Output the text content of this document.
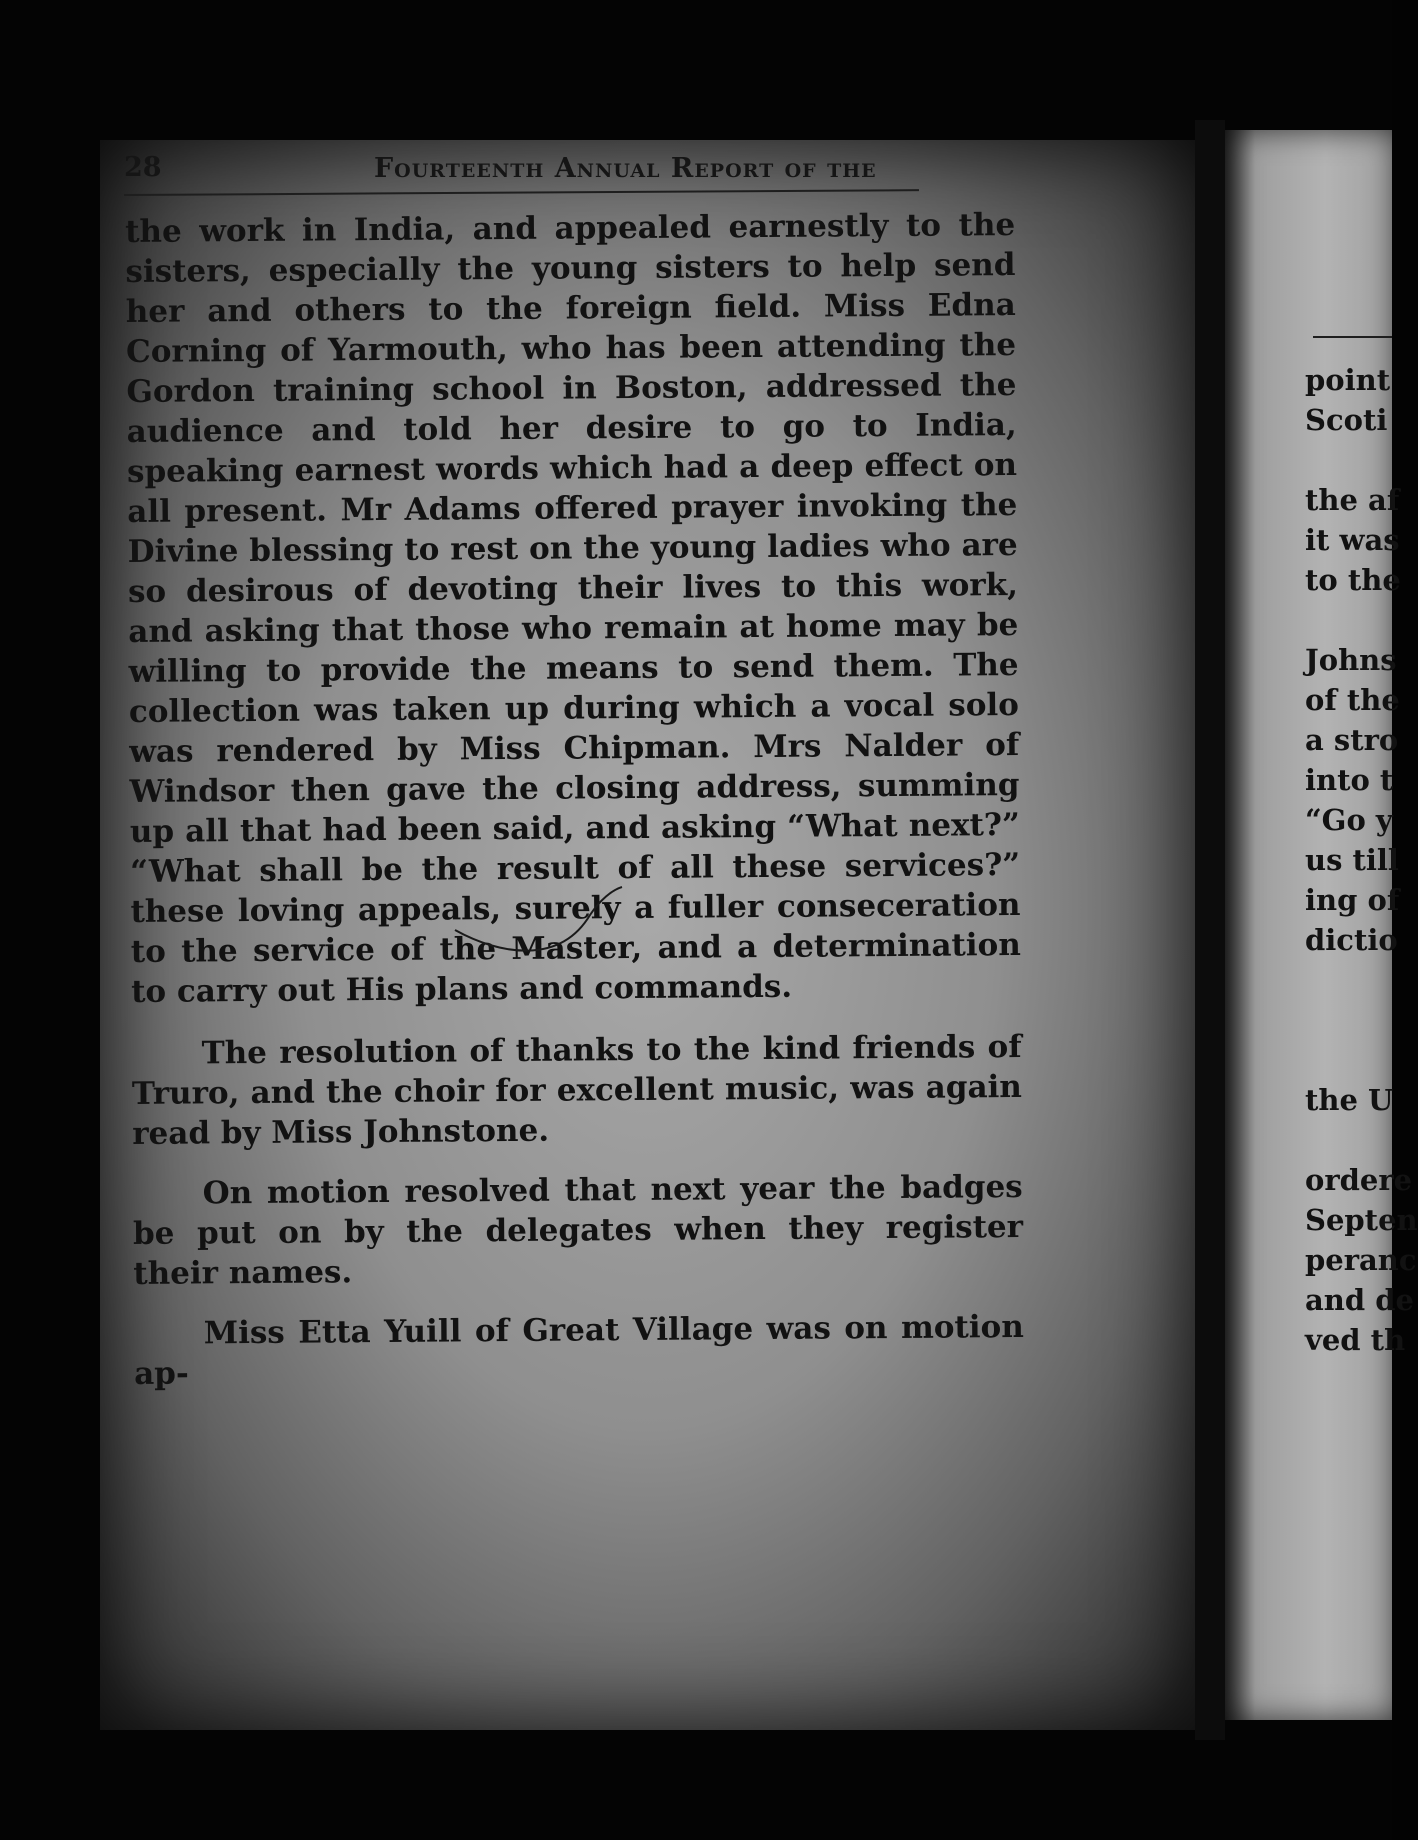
28	Fourteenth Annual Report of the

the work in India, and appealed earnestly to the sisters, especially the young sisters to help send her and others to the foreign field. Miss Edna Corning of Yarmouth, who has been attending the Gordon training school in Boston, addressed the audience and told her desire to go to India, speaking earnest words which had a deep effect on all present. Mr Adams offered prayer invoking the Divine blessing to rest on the young ladies who are so desirous of devoting their lives to this work, and asking that those who remain at home may be willing to provide the means to send them. The collection was taken up during which a vocal solo was rendered by Miss Chipman. Mrs Nalder of Windsor then gave the closing address, summing up all that had been said, and asking “What next?” “What shall be the result of all these services?” these loving appeals, surely a fuller conseceration to the service of the Master, and a determination to carry out His plans and commands.

The resolution of thanks to the kind friends of Truro, and the choir for excellent music, was again read by Miss Johnstone.

On motion resolved that next year the badges be put on by the delegates when they register their names.

Miss Etta Yuill of Great Village was on motion ap-

point
Scoti
the af
it was
to the
Johns
of the
a stro
into t
“Go y
us till
ing of
dictio
the U
ordere
Septen
peranc
and de
ved th
